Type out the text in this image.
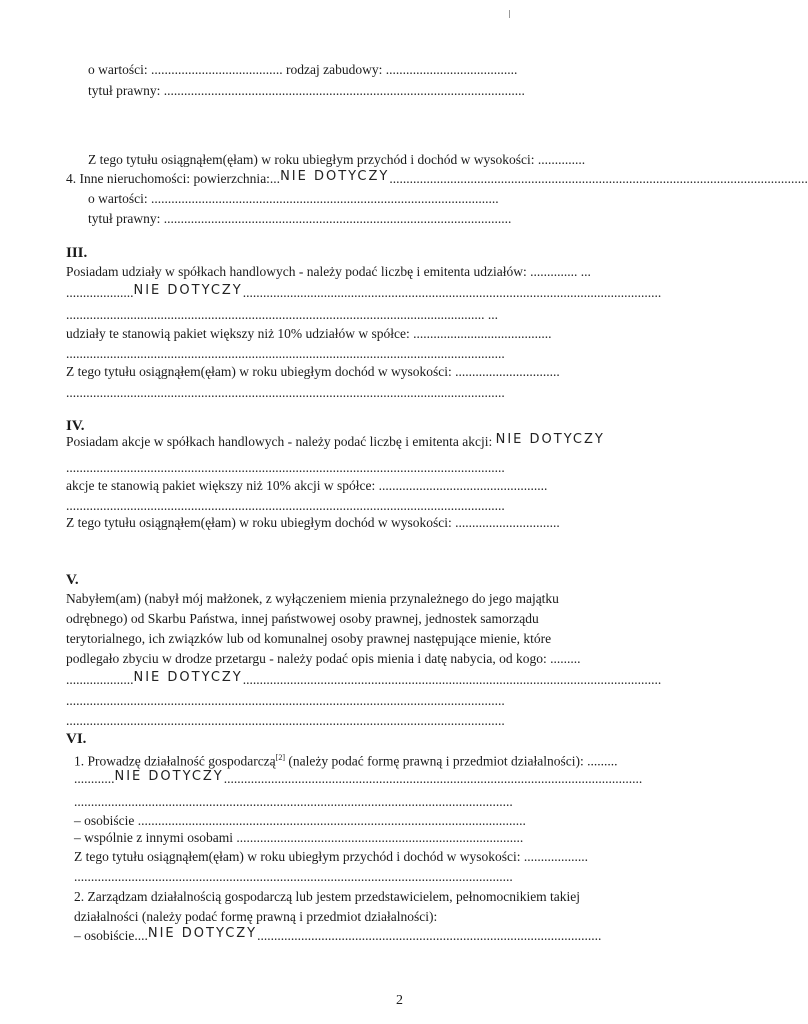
o wartości: ....................................... rodzaj zabudowy: .......................................
tytuł prawny: ...........................................................................................................
Z tego tytułu osiągnąłem(ęłam) w roku ubiegłym przychód i dochód w wysokości: ..............
4. Inne nieruchomości: powierzchnia:...NIE DOTYCZY............................................................................................................................
o wartości: .......................................................................................................
tytuł prawny: .......................................................................................................
III.
Posiadam udziały w spółkach handlowych - należy podać liczbę i emitenta udziałów: .............. ...
....................NIE DOTYCZY............................................................................................................................
............................................................................................................................ ...
udziały te stanowią pakiet większy niż 10% udziałów w spółce: .........................................
..................................................................................................................................
Z tego tytułu osiągnąłem(ęłam) w roku ubiegłym dochód w wysokości: ...............................
..................................................................................................................................
IV.
Posiadam akcje w spółkach handlowych - należy podać liczbę i emitenta akcji: NIE DOTYCZY
..................................................................................................................................
akcje te stanowią pakiet większy niż 10% akcji w spółce: ..................................................
..................................................................................................................................
Z tego tytułu osiągnąłem(ęłam) w roku ubiegłym dochód w wysokości: ...............................
V.
Nabyłem(am) (nabył mój małżonek, z wyłączeniem mienia przynależnego do jego majątku
odrębnego) od Skarbu Państwa, innej państwowej osoby prawnej, jednostek samorządu
terytorialnego, ich związków lub od komunalnej osoby prawnej następujące mienie, które
podlegało zbyciu w drodze przetargu - należy podać opis mienia i datę nabycia, od kogo: .........
....................NIE DOTYCZY............................................................................................................................
..................................................................................................................................
..................................................................................................................................
VI.
1. Prowadzę działalność gospodarczą[2] (należy podać formę prawną i przedmiot działalności): .........
............NIE DOTYCZY............................................................................................................................
..................................................................................................................................
– osobiście ...................................................................................................................
– wspólnie z innymi osobami .....................................................................................
Z tego tytułu osiągnąłem(ęłam) w roku ubiegłym przychód i dochód w wysokości: ...................
..................................................................................................................................
2. Zarządzam działalnością gospodarczą lub jestem przedstawicielem, pełnomocnikiem takiej
działalności (należy podać formę prawną i przedmiot działalności):
– osobiście....NIE DOTYCZY......................................................................................................
2
